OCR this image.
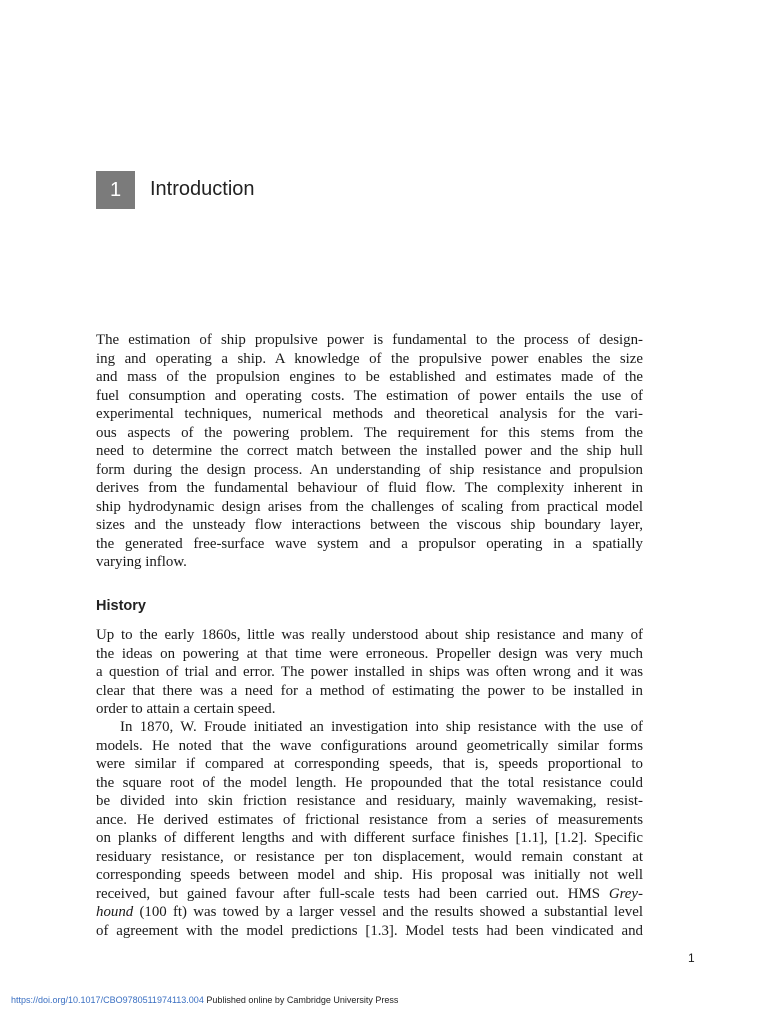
1 Introduction

The estimation of ship propulsive power is fundamental to the process of design-
ing and operating a ship. A knowledge of the propulsive power enables the size
and mass of the propulsion engines to be established and estimates made of the
fuel consumption and operating costs. The estimation of power entails the use of
experimental techniques, numerical methods and theoretical analysis for the vari-
ous aspects of the powering problem. The requirement for this stems from the
need to determine the correct match between the installed power and the ship hull
form during the design process. An understanding of ship resistance and propulsion
derives from the fundamental behaviour of fluid flow. The complexity inherent in
ship hydrodynamic design arises from the challenges of scaling from practical model
sizes and the unsteady flow interactions between the viscous ship boundary layer,
the generated free-surface wave system and a propulsor operating in a spatially
varying inflow.

History

Up to the early 1860s, little was really understood about ship resistance and many of
the ideas on powering at that time were erroneous. Propeller design was very much
a question of trial and error. The power installed in ships was often wrong and it was
clear that there was a need for a method of estimating the power to be installed in
order to attain a certain speed.

In 1870, W. Froude initiated an investigation into ship resistance with the use of
models. He noted that the wave configurations around geometrically similar forms
were similar if compared at corresponding speeds, that is, speeds proportional to
the square root of the model length. He propounded that the total resistance could
be divided into skin friction resistance and residuary, mainly wavemaking, resist-
ance. He derived estimates of frictional resistance from a series of measurements
on planks of different lengths and with different surface finishes [1.1], [1.2]. Specific
residuary resistance, or resistance per ton displacement, would remain constant at
corresponding speeds between model and ship. His proposal was initially not well
received, but gained favour after full-scale tests had been carried out. HMS Grey-
hound (100 ft) was towed by a larger vessel and the results showed a substantial level
of agreement with the model predictions [1.3]. Model tests had been vindicated and

1
https://doi.org/10.1017/CBO9780511974113.004 Published online by Cambridge University Press
